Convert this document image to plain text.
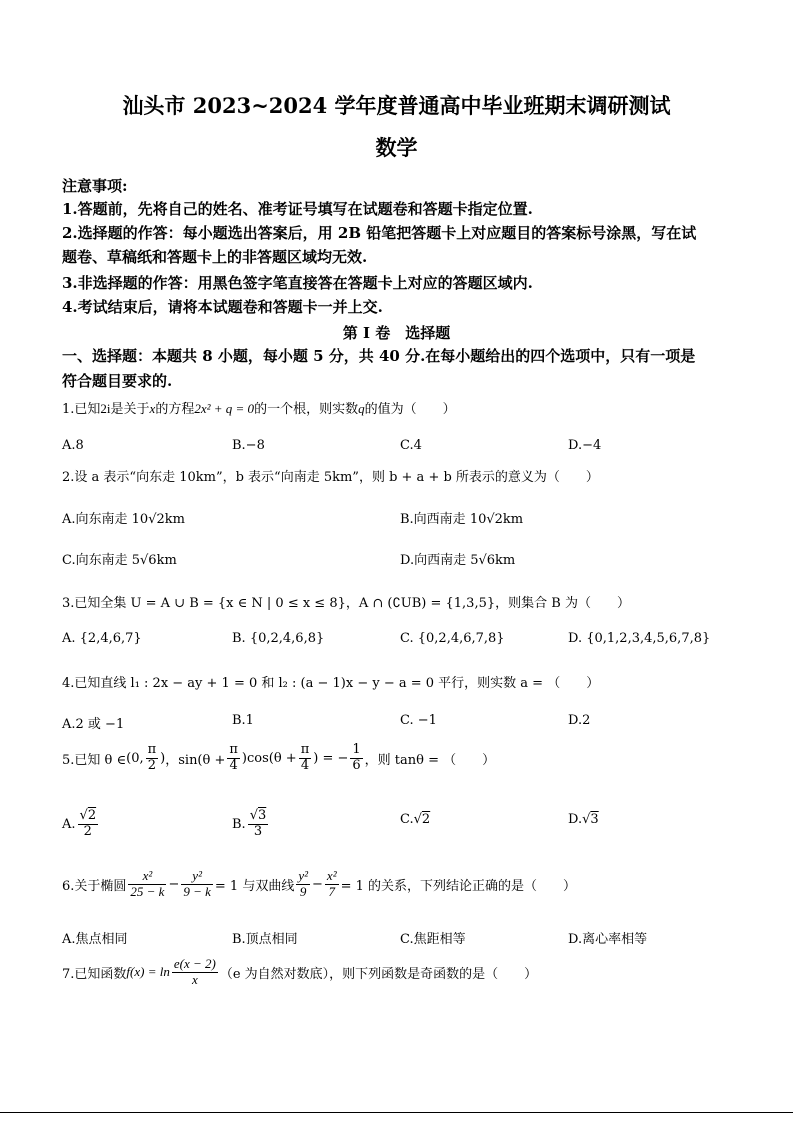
汕头市 2023~2024 学年度普通高中毕业班期末调研测试
数学
注意事项:
1.答题前，先将自己的姓名、准考证号填写在试题卷和答题卡指定位置.
2.选择题的作答：每小题选出答案后，用 2B 铅笔把答题卡上对应题目的答案标号涂黑，写在试
题卷、草稿纸和答题卡上的非答题区域均无效.
3.非选择题的作答：用黑色签字笔直接答在答题卡上对应的答题区域内.
4.考试结束后，请将本试题卷和答题卡一并上交.
第 I 卷　选择题
一、选择题：本题共 8 小题，每小题 5 分，共 40 分.在每小题给出的四个选项中，只有一项是
符合题目要求的.
1.已知2i是关于x的方程2x² + q = 0的一个根，则实数q的值为（　　）
A.8	B.−8	C.4	D.−4
2.设 a 表示“向东走 10km”，b 表示“向南走 5km”，则 b + a + b 所表示的意义为（　　）
A.向东南走 10√2km	B.向西南走 10√2km
C.向东南走 5√6km	D.向西南走 5√6km
3.已知全集 U = A ∪ B = {x ∈ N | 0 ≤ x ≤ 8}，A ∩ (∁UB) = {1,3,5}，则集合 B 为（　　）
A. {2,4,6,7}	B. {0,2,4,6,8}	C. {0,2,4,6,7,8}	D. {0,1,2,3,4,5,6,7,8}
4.已知直线 l₁ : 2x − ay + 1 = 0 和 l₂ : (a − 1)x − y − a = 0 平行，则实数 a = （　　）
A.2 或 −1	B.1	C. −1	D.2
5.已知 θ ∈ (0, $\frac{\pi}{2}$ ) ，$\sin(\theta + \frac{\pi}{4} )\cos(\theta + \frac{\pi}{4}$ ) = − $\frac{1}{6}$ ，则 tanθ = （　　）
A. $\frac{√2}{2}$	B. $\frac{√3}{3}$	C.√2	D.√3
6.关于椭圆 $\frac{\text{x²}}{25 - k} - \frac{\text{y²}}{9 - k} = 1$ 与双曲线 $\frac{\text{y²}}{9} - \frac{\text{x²}}{7} = 1$ 的关系，下列结论正确的是（　　）
A.焦点相同	B.顶点相同	C.焦距相等	D.离心率相等
7.已知函数 $f(x) = \ln \frac{e(x - 2)}{x} (e$ 为自然对数底），则下列函数是奇函数的是（　　）
